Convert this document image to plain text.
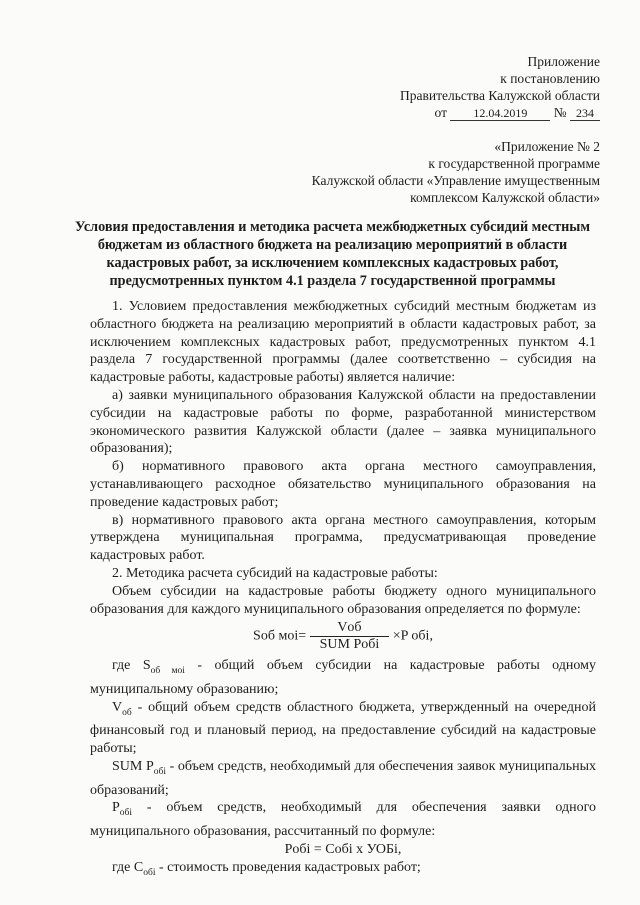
Приложение
к постановлению
Правительства Калужской области
от 12.04.2019 № 234
«Приложение № 2
к государственной программе
Калужской области «Управление имущественным
комплексом Калужской области»
Условия предоставления и методика расчета межбюджетных субсидий местным
бюджетам из областного бюджета на реализацию мероприятий в области
кадастровых работ, за исключением комплексных кадастровых работ,
предусмотренных пунктом 4.1 раздела 7 государственной программы

1. Условием предоставления межбюджетных субсидий местным бюджетам из областного бюджета на реализацию мероприятий в области кадастровых работ, за исключением комплексных кадастровых работ, предусмотренных пунктом 4.1 раздела 7 государственной программы (далее соответственно – субсидия на кадастровые работы, кадастровые работы) является наличие:

а) заявки муниципального образования Калужской области на предоставлении субсидии на кадастровые работы по форме, разработанной министерством экономического развития Калужской области (далее – заявка муниципального образования);

б) нормативного правового акта органа местного самоуправления, устанавливающего расходное обязательство муниципального образования на проведение кадастровых работ;

в) нормативного правового акта органа местного самоуправления, которым утверждена муниципальная программа, предусматривающая проведение кадастровых работ.

2. Методика расчета субсидий на кадастровые работы:

Объем субсидии на кадастровые работы бюджету одного муниципального образования для каждого муниципального образования определяется по формуле:

Sоб $моi= \frac{\text{Vоб}}{\text{SUM Pобi}} \times P$ обi,

где $S_{об моi}$ - общий объем субсидии на кадастровые работы одному муниципальному образованию;

$V_{об}$ - общий объем средств областного бюджета, утвержденный на очередной финансовый год и плановый период, на предоставление субсидий на кадастровые работы;

SUM $P_{обi}$ - объем средств, необходимый для обеспечения заявок муниципальных образований;

$P_{обi}$ - объем средств, необходимый для обеспечения заявки одного муниципального образования, рассчитанный по формуле:

Pобi = Cобi x УОБi,

где $C_{обi}$ - стоимость проведения кадастровых работ;
